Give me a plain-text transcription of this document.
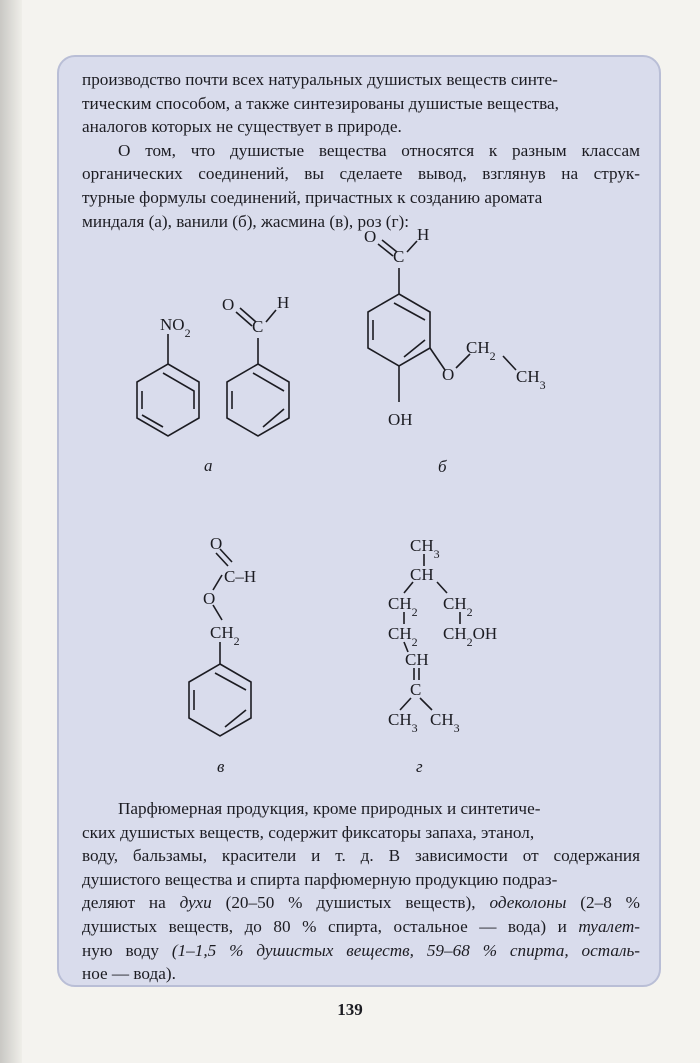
производство почти всех натуральных душистых веществ синте-
тическим способом, а также синтезированы душистые вещества,
аналогов которых не существует в природе.
О том, что душистые вещества относятся к разным классам
органических соединений, вы сделаете вывод, взглянув на струк-
турные формулы соединений, причастных к созданию аромата
миндаля (а), ванили (б), жасмина (в), роз (г):
$NO_2$
O
C
H
а
O
C
H
O
$CH_2$
$CH_3$
OH
б
O
C–H
O
$CH_2$
в
$CH_3$
CH
$CH_2$ $CH_2$
$CH_2$ $CH_2OH$
CH
C
$CH_3$ $CH_3$
г
Парфюмерная продукция, кроме природных и синтетиче-
ских душистых веществ, содержит фиксаторы запаха, этанол,
воду, бальзамы, красители и т. д. В зависимости от содержания
душистого вещества и спирта парфюмерную продукцию подраз-
деляют на духи (20–50 % душистых веществ), одеколоны (2–8 %
душистых веществ, до 80 % спирта, остальное — вода) и туалет-
ную воду (1–1,5 % душистых веществ, 59–68 % спирта, осталь-
ное — вода).
139
